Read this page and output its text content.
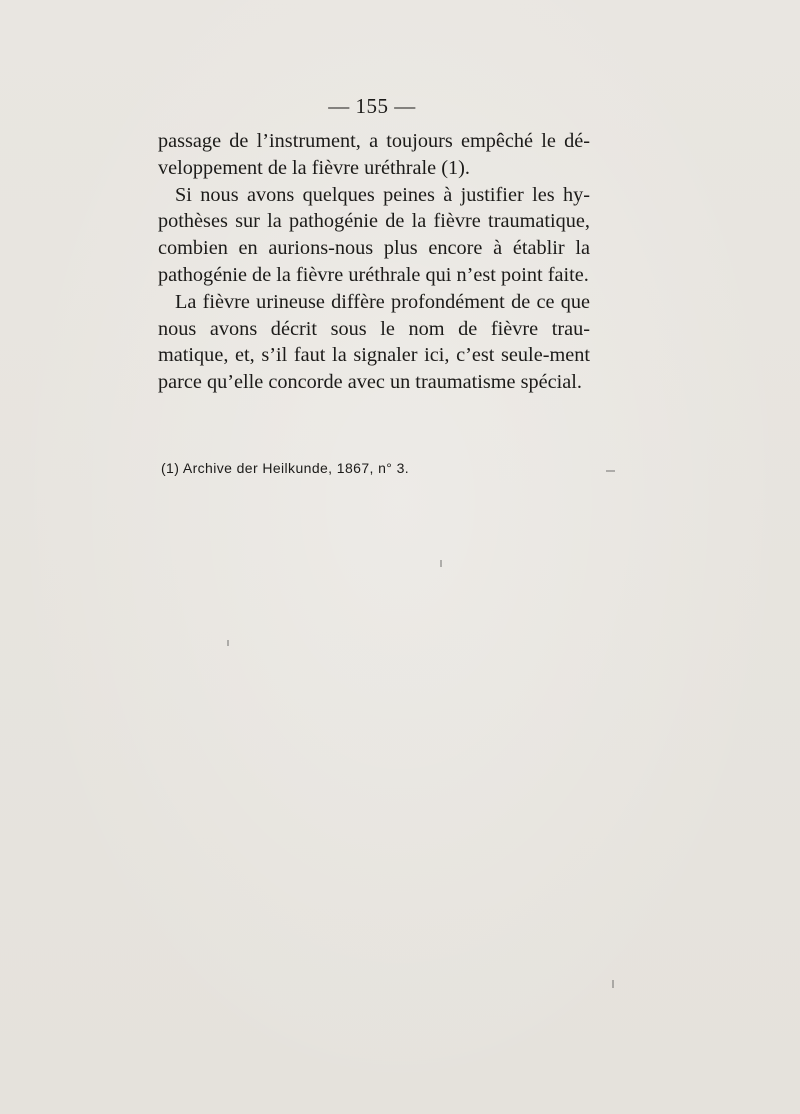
— 155 —

passage de l’instrument, a toujours empêché le dé-veloppement de la fièvre uréthrale (1).

Si nous avons quelques peines à justifier les hy-pothèses sur la pathogénie de la fièvre traumatique, combien en aurions-nous plus encore à établir la pathogénie de la fièvre uréthrale qui n’est point faite.

La fièvre urineuse diffère profondément de ce que nous avons décrit sous le nom de fièvre trau-matique, et, s’il faut la signaler ici, c’est seule-ment parce qu’elle concorde avec un traumatisme spécial.

(1) Archive der Heilkunde, 1867, n° 3.
